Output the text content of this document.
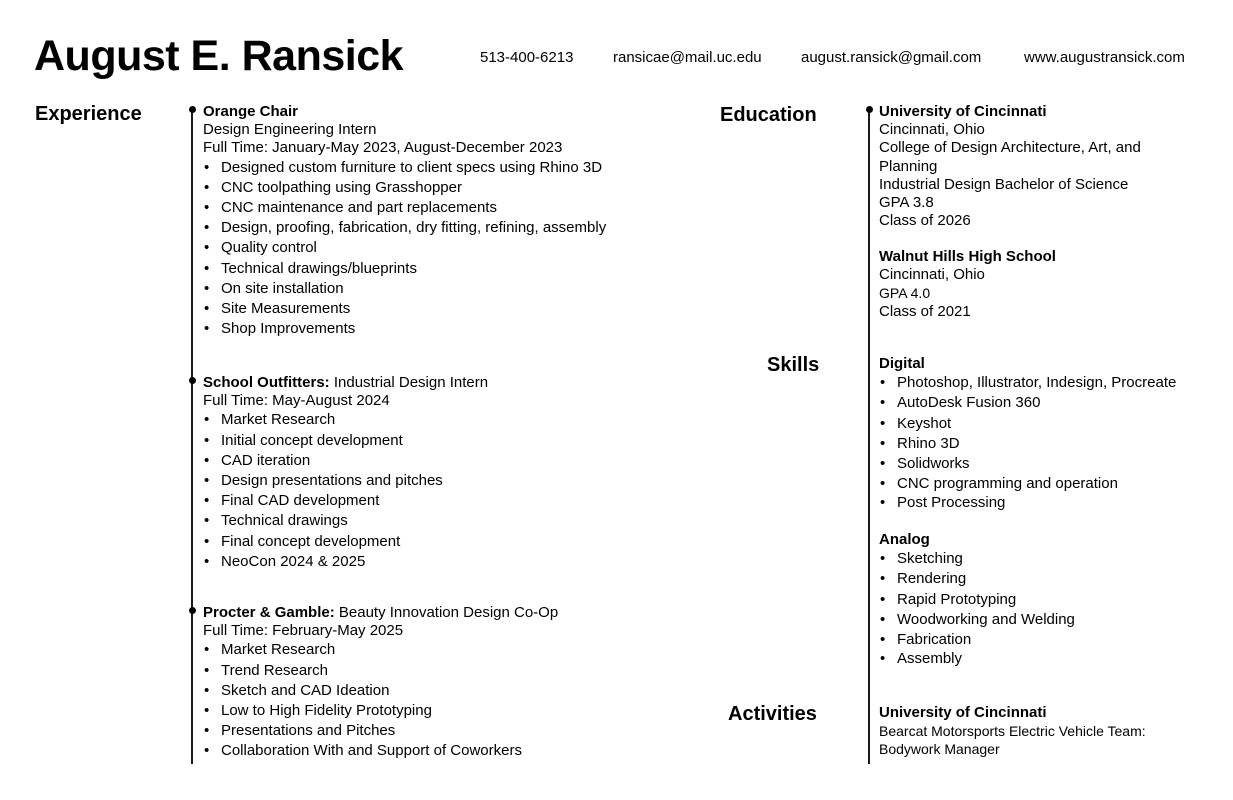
August E. Ransick	513-400-6213	ransicae@mail.uc.edu	august.ransick@gmail.com	www.augustransick.com
Experience	Education
Skills
Activities
Orange Chair
Design Engineering Intern
Full Time: January-May 2023, August-December 2023
• Designed custom furniture to client specs using Rhino 3D
• CNC toolpathing using Grasshopper
• CNC maintenance and part replacements
• Design, proofing, fabrication, dry fitting, refining, assembly
• Quality control
• Technical drawings/blueprints
• On site installation
• Site Measurements
• Shop Improvements
School Outfitters: Industrial Design Intern
Full Time: May-August 2024
• Market Research
• Initial concept development
• CAD iteration
• Design presentations and pitches
• Final CAD development
• Technical drawings
• Final concept development
• NeoCon 2024 & 2025
Procter & Gamble: Beauty Innovation Design Co-Op
Full Time: February-May 2025
• Market Research
• Trend Research
• Sketch and CAD Ideation
• Low to High Fidelity Prototyping
• Presentations and Pitches
• Collaboration With and Support of Coworkers
University of Cincinnati
Cincinnati, Ohio
College of Design Architecture, Art, and
Planning
Industrial Design Bachelor of Science
GPA 3.8
Class of 2026
Walnut Hills High School
Cincinnati, Ohio
GPA 4.0
Class of 2021
Digital
• Photoshop, Illustrator, Indesign, Procreate
• AutoDesk Fusion 360
• Keyshot
• Rhino 3D
• Solidworks
• CNC programming and operation
• Post Processing
Analog
• Sketching
• Rendering
• Rapid Prototyping
• Woodworking and Welding
• Fabrication
• Assembly
University of Cincinnati
Bearcat Motorsports Electric Vehicle Team:
Bodywork Manager
